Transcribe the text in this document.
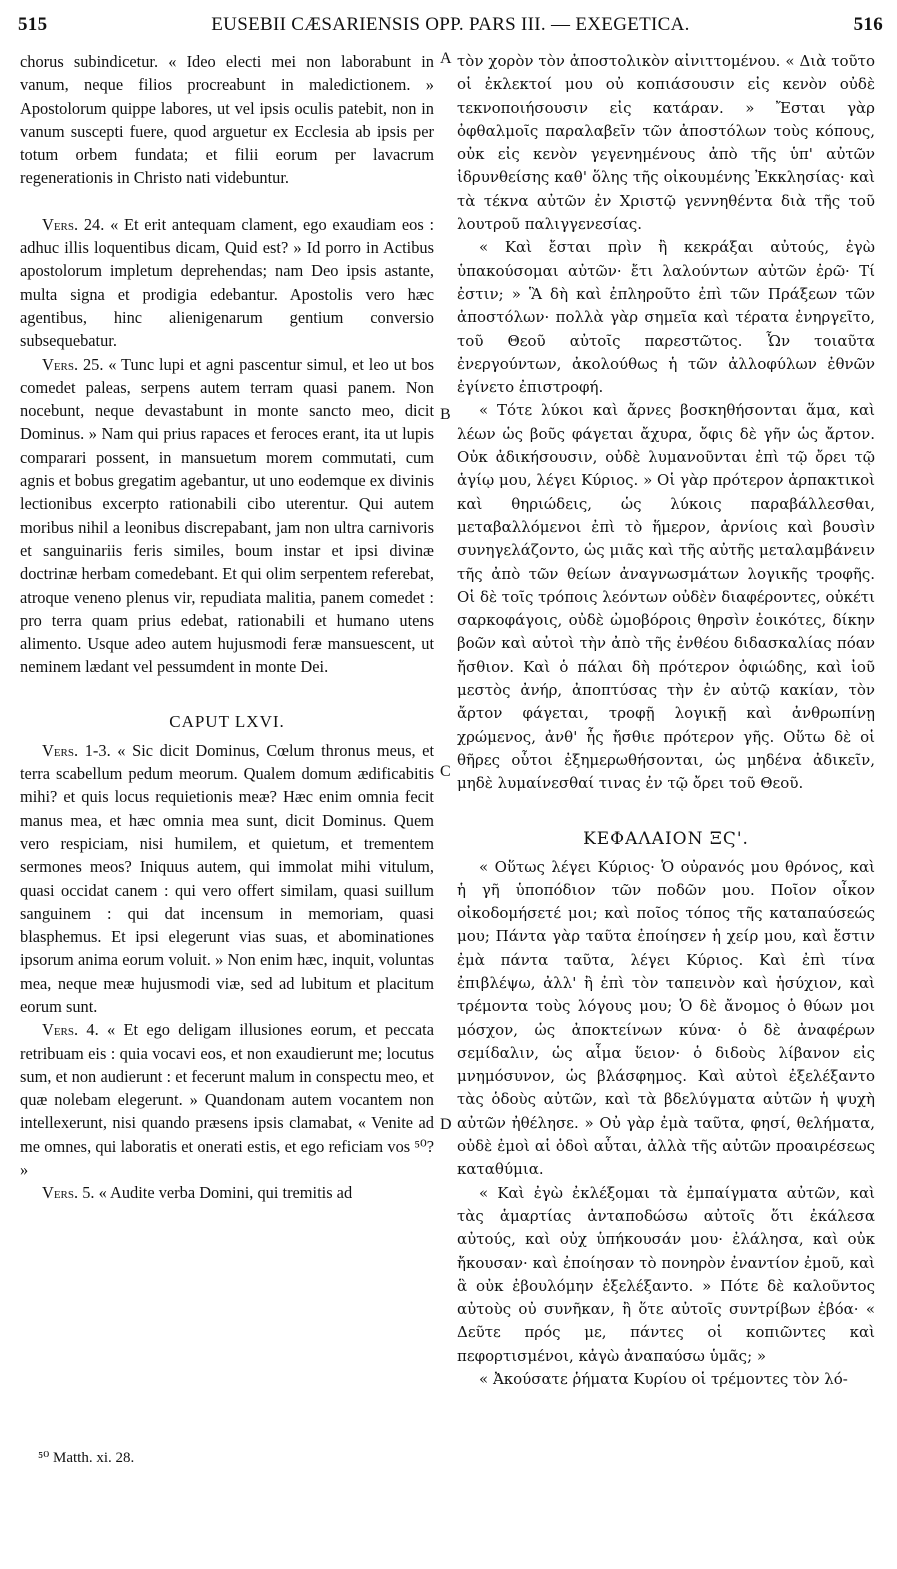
515	EUSEBII CÆSARIENSIS OPP. PARS III. — EXEGETICA.	516

chorus subindicetur. « Ideo electi mei non laborabunt in vanum, neque filios procreabunt in maledictionem. » Apostolorum quippe labores, ut vel ipsis oculis patebit, non in vanum suscepti fuere, quod arguetur ex Ecclesia ab ipsis per totum orbem fundata; et filii eorum per lavacrum regenerationis in Christo nati videbuntur.

Vers. 24. « Et erit antequam clament, ego exaudiam eos : adhuc illis loquentibus dicam, Quid est? » Id porro in Actibus apostolorum impletum deprehendas; nam Deo ipsis astante, multa signa et prodigia edebantur. Apostolis vero hæc agentibus, hinc alienigenarum gentium conversio subsequebatur.

Vers. 25. « Tunc lupi et agni pascentur simul, et leo ut bos comedet paleas, serpens autem terram quasi panem. Non nocebunt, neque devastabunt in monte sancto meo, dicit Dominus. » Nam qui prius rapaces et feroces erant, ita ut lupis comparari possent, in mansuetum morem commutati, cum agnis et bobus gregatim agebantur, ut uno eodemque ex divinis lectionibus excerpto rationabili cibo uterentur. Qui autem moribus nihil a leonibus discrepabant, jam non ultra carnivoris et sanguinariis feris similes, boum instar et ipsi divinæ doctrinæ herbam comedebant. Et qui olim serpentem referebat, atroque veneno plenus vir, repudiata malitia, panem comedet : pro terra quam prius edebat, rationabili et humano utens alimento. Usque adeo autem hujusmodi feræ mansuescent, ut neminem lædant vel pessumdent in monte Dei.

CAPUT LXVI.

Vers. 1-3. « Sic dicit Dominus, Cœlum thronus meus, et terra scabellum pedum meorum. Qualem domum ædificabitis mihi? et quis locus requietionis meæ? Hæc enim omnia fecit manus mea, et hæc omnia mea sunt, dicit Dominus. Quem vero respiciam, nisi humilem, et quietum, et trementem sermones meos? Iniquus autem, qui immolat mihi vitulum, quasi occidat canem : qui vero offert similam, quasi suillum sanguinem : qui dat incensum in memoriam, quasi blasphemus. Et ipsi elegerunt vias suas, et abominationes ipsorum anima eorum voluit. » Non enim hæc, inquit, voluntas mea, neque meæ hujusmodi viæ, sed ad lubitum et placitum eorum sunt.

Vers. 4. « Et ego deligam illusiones eorum, et peccata retribuam eis : quia vocavi eos, et non exaudierunt me; locutus sum, et non audierunt : et fecerunt malum in conspectu meo, et quæ nolebam elegerunt. » Quandonam autem vocantem non intellexerunt, nisi quando præsens ipsis clamabat, « Venite ad me omnes, qui laboratis et onerati estis, et ego reficiam vos ⁵⁰? »

Vers. 5. « Audite verba Domini, qui tremitis ad

A
B
C
D

τὸν χορὸν τὸν ἀποστολικὸν αἰνιττομένου. « Διὰ τοῦτο οἱ ἐκλεκτοί μου οὐ κοπιάσουσιν εἰς κενὸν οὐδὲ τεκνοποιήσουσιν εἰς κατάραν. » Ἔσται γὰρ ὀφθαλμοῖς παραλαβεῖν τῶν ἀποστόλων τοὺς κόπους, οὐκ εἰς κενὸν γεγενημένους ἀπὸ τῆς ὑπ' αὐτῶν ἱδρυνθείσης καθ' ὅλης τῆς οἰκουμένης Ἐκκλησίας· καὶ τὰ τέκνα αὐτῶν ἐν Χριστῷ γεννηθέντα διὰ τῆς τοῦ λουτροῦ παλιγγενεσίας.

« Καὶ ἔσται πρὶν ἢ κεκράξαι αὐτούς, ἐγὼ ὑπακούσομαι αὐτῶν· ἔτι λαλούντων αὐτῶν ἐρῶ· Τί ἐστιν; » Ἃ δὴ καὶ ἐπληροῦτο ἐπὶ τῶν Πράξεων τῶν ἀποστόλων· πολλὰ γὰρ σημεῖα καὶ τέρατα ἐνηργεῖτο, τοῦ Θεοῦ αὐτοῖς παρεστῶτος. Ὧν τοιαῦτα ἐνεργούντων, ἀκολούθως ἡ τῶν ἀλλοφύλων ἐθνῶν ἐγίνετο ἐπιστροφή.

« Τότε λύκοι καὶ ἄρνες βοσκηθήσονται ἅμα, καὶ λέων ὡς βοῦς φάγεται ἄχυρα, ὄφις δὲ γῆν ὡς ἄρτον. Οὐκ ἀδικήσουσιν, οὐδὲ λυμανοῦνται ἐπὶ τῷ ὄρει τῷ ἁγίῳ μου, λέγει Κύριος. » Οἱ γὰρ πρότερον ἁρπακτικοὶ καὶ θηριώδεις, ὡς λύκοις παραβάλλεσθαι, μεταβαλλόμενοι ἐπὶ τὸ ἥμερον, ἀρνίοις καὶ βουσὶν συνηγελάζοντο, ὡς μιᾶς καὶ τῆς αὐτῆς μεταλαμβάνειν τῆς ἀπὸ τῶν θείων ἀναγνωσμάτων λογικῆς τροφῆς. Οἱ δὲ τοῖς τρόποις λεόντων οὐδὲν διαφέροντες, οὐκέτι σαρκοφάγοις, οὐδὲ ὠμοβόροις θηρσὶν ἐοικότες, δίκην βοῶν καὶ αὐτοὶ τὴν ἀπὸ τῆς ἐνθέου διδασκαλίας πόαν ἤσθιον. Καὶ ὁ πάλαι δὴ πρότερον ὀφιώδης, καὶ ἰοῦ μεστὸς ἀνήρ, ἀποπτύσας τὴν ἐν αὐτῷ κακίαν, τὸν ἄρτον φάγεται, τροφῇ λογικῇ καὶ ἀνθρωπίνῃ χρώμενος, ἀνθ' ἧς ἤσθιε πρότερον γῆς. Οὕτω δὲ οἱ θῆρες οὗτοι ἐξημερωθήσονται, ὡς μηδένα ἀδικεῖν, μηδὲ λυμαίνεσθαί τινας ἐν τῷ ὄρει τοῦ Θεοῦ.

ΚΕΦΑΛΑΙΟΝ ΞϚ'.

« Οὕτως λέγει Κύριος· Ὁ οὐρανός μου θρόνος, καὶ ἡ γῆ ὑποπόδιον τῶν ποδῶν μου. Ποῖον οἶκον οἰκοδομήσετέ μοι; καὶ ποῖος τόπος τῆς καταπαύσεώς μου; Πάντα γὰρ ταῦτα ἐποίησεν ἡ χείρ μου, καὶ ἔστιν ἐμὰ πάντα ταῦτα, λέγει Κύριος. Καὶ ἐπὶ τίνα ἐπιβλέψω, ἀλλ' ἢ ἐπὶ τὸν ταπεινὸν καὶ ἡσύχιον, καὶ τρέμοντα τοὺς λόγους μου; Ὁ δὲ ἄνομος ὁ θύων μοι μόσχον, ὡς ἀποκτείνων κύνα· ὁ δὲ ἀναφέρων σεμίδαλιν, ὡς αἷμα ὕειον· ὁ διδοὺς λίβανον εἰς μνημόσυνον, ὡς βλάσφημος. Καὶ αὐτοὶ ἐξελέξαντο τὰς ὁδοὺς αὐτῶν, καὶ τὰ βδελύγματα αὐτῶν ἡ ψυχὴ αὐτῶν ἠθέλησε. » Οὐ γὰρ ἐμὰ ταῦτα, φησί, θελήματα, οὐδὲ ἐμοὶ αἱ ὁδοὶ αὗται, ἀλλὰ τῆς αὐτῶν προαιρέσεως καταθύμια.

« Καὶ ἐγὼ ἐκλέξομαι τὰ ἐμπαίγματα αὐτῶν, καὶ τὰς ἁμαρτίας ἀνταποδώσω αὐτοῖς ὅτι ἐκάλεσα αὐτούς, καὶ οὐχ ὑπήκουσάν μου· ἐλάλησα, καὶ οὐκ ἤκουσαν· καὶ ἐποίησαν τὸ πονηρὸν ἐναντίον ἐμοῦ, καὶ ἃ οὐκ ἐβουλόμην ἐξελέξαντο. » Πότε δὲ καλοῦντος αὐτοὺς οὐ συνῆκαν, ἢ ὅτε αὐτοῖς συντρίβων ἐβόα· « Δεῦτε πρός με, πάντες οἱ κοπιῶντες καὶ πεφορτισμένοι, κἀγὼ ἀναπαύσω ὑμᾶς; »

« Ἀκούσατε ῥήματα Κυρίου οἱ τρέμοντες τὸν λό-

⁵⁰ Matth. xi. 28.
